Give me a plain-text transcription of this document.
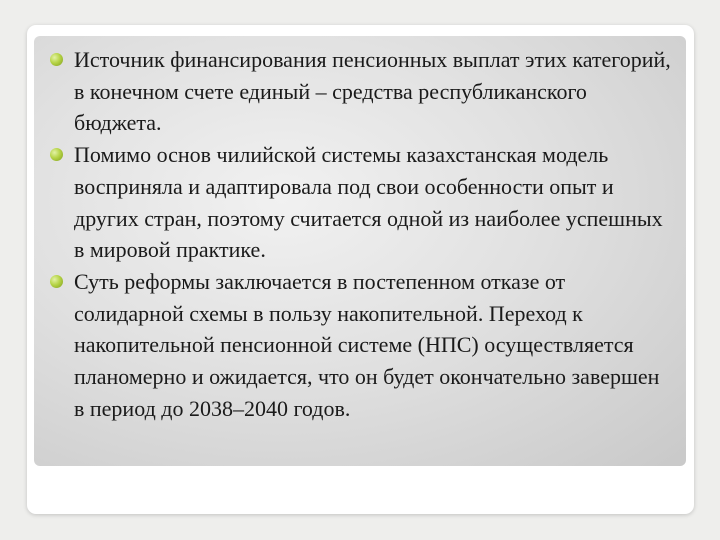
Источник финансирования пенсионных выплат этих категорий, в конечном счете единый – средства республиканского бюджета.
Помимо основ чилийской системы казахстанская модель восприняла и адаптировала под свои особенности опыт и других стран, поэтому считается одной из наиболее успешных в мировой практике.
Суть реформы заключается в постепенном отказе от солидарной схемы в пользу накопительной. Переход к накопительной пенсионной системе (НПС) осуществляется планомерно и ожидается, что он будет окончательно завершен в период до 2038–2040 годов.
